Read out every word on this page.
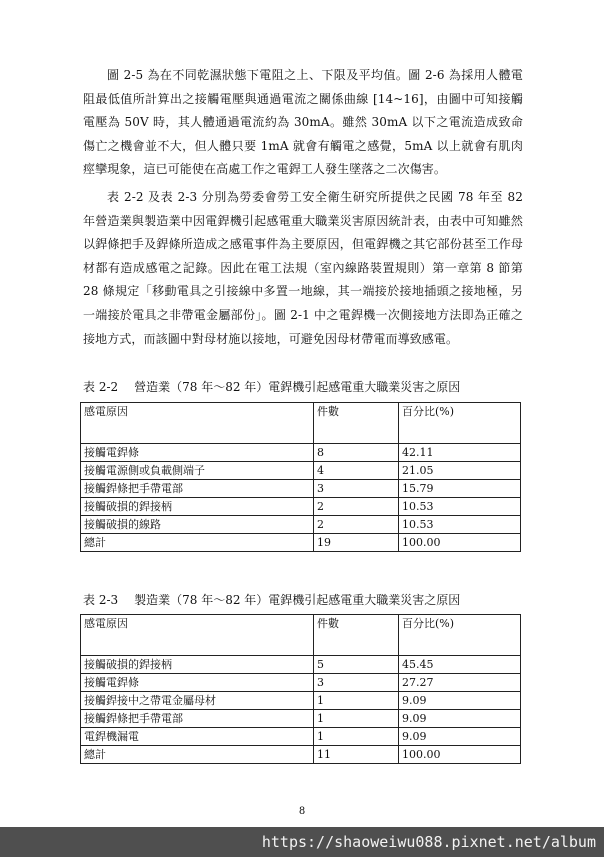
圖 2-5 為在不同乾濕狀態下電阻之上、下限及平均值。圖 2-6 為採用人體電阻最低值所計算出之接觸電壓與通過電流之關係曲線 [14~16]，由圖中可知接觸電壓為 50V 時，其人體通過電流約為 30mA。雖然 30mA 以下之電流造成致命傷亡之機會並不大，但人體只要 1mA 就會有觸電之感覺，5mA 以上就會有肌肉痙攣現象，這已可能使在高處工作之電銲工人發生墜落之二次傷害。

表 2-2 及表 2-3 分別為勞委會勞工安全衛生研究所提供之民國 78 年至 82 年營造業與製造業中因電銲機引起感電重大職業災害原因統計表，由表中可知雖然以銲條把手及銲條所造成之感電事件為主要原因，但電銲機之其它部份甚至工作母材都有造成感電之記錄。因此在電工法規（室內線路裝置規則）第一章第 8 節第 28 條規定「移動電具之引接線中多置一地線，其一端接於接地插頭之接地極，另一端接於電具之非帶電金屬部份」。圖 2-1 中之電銲機一次側接地方法即為正確之接地方式，而該圖中對母材施以接地，可避免因母材帶電而導致感電。

表 2-2 營造業（78 年～82 年）電銲機引起感電重大職業災害之原因
感電原因	件數	百分比(%)
接觸電銲條	8	42.11
接觸電源側或負載側端子	4	21.05
接觸銲條把手帶電部	3	15.79
接觸破損的銲接柄	2	10.53
接觸破損的線路	2	10.53
總計	19	100.00
表 2-3 製造業（78 年～82 年）電銲機引起感電重大職業災害之原因
感電原因	件數	百分比(%)
接觸破損的銲接柄	5	45.45
接觸電銲條	3	27.27
接觸銲接中之帶電金屬母材	1	9.09
接觸銲條把手帶電部	1	9.09
電銲機漏電	1	9.09
總計	11	100.00
8
https://shaoweiwu088.pixnet.net/album
